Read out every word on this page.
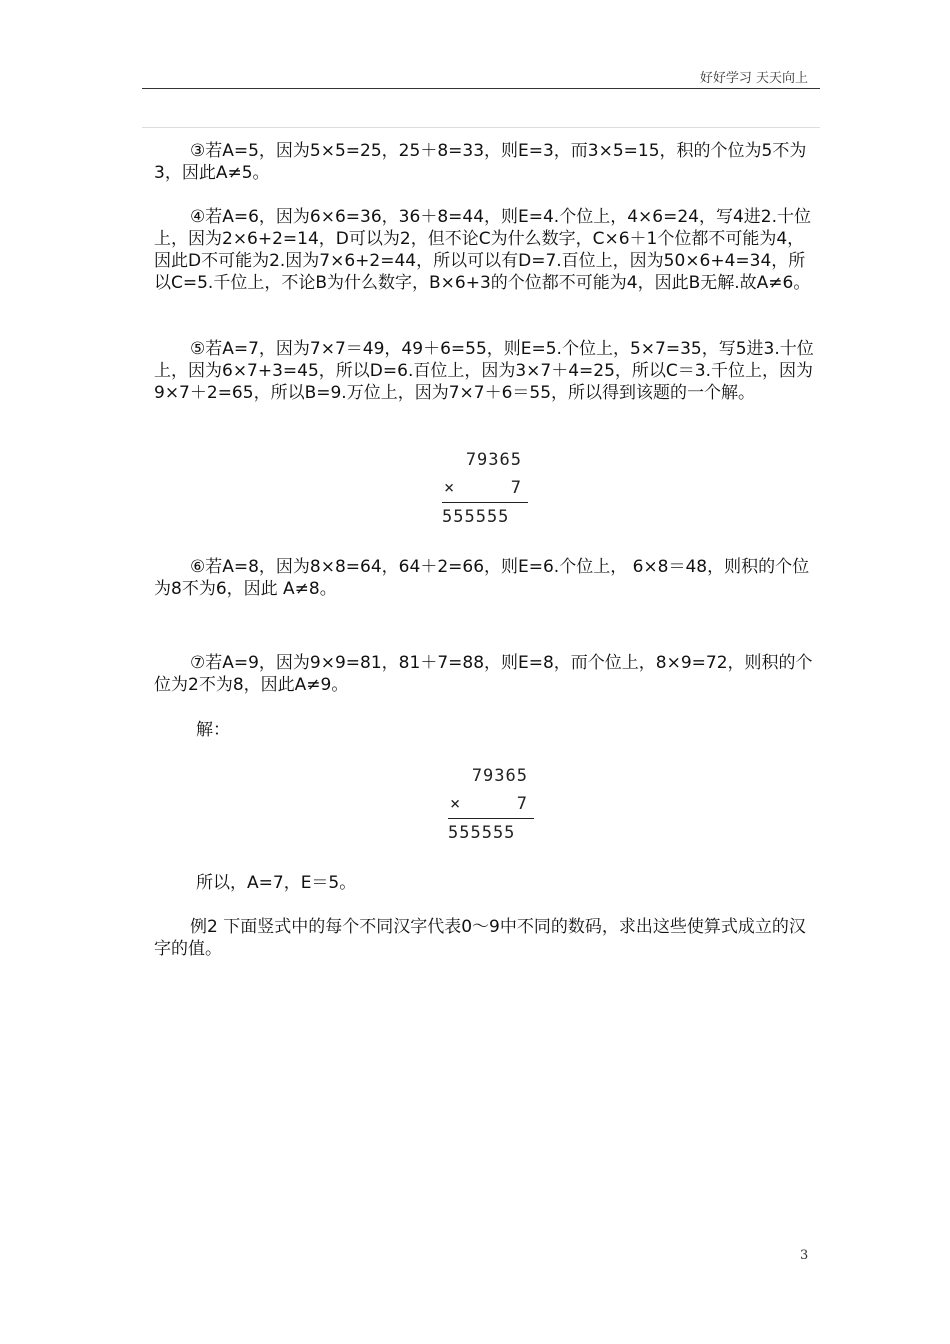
好好学习 天天向上

③若A=5，因为5×5=25，25＋8=33，则E=3，而3×5=15，积的个位为5不为3，因此A≠5。

④若A=6，因为6×6=36，36＋8=44，则E=4.个位上，4×6=24，写4进2.十位上，因为2×6+2=14，D可以为2，但不论C为什么数字，C×6＋1个位都不可能为4，因此D不可能为2.因为7×6+2=44，所以可以有D=7.百位上，因为50×6+4=34，所以C=5.千位上，不论B为什么数字，B×6+3的个位都不可能为4，因此B无解.故A≠6。

⑤若A=7，因为7×7＝49，49＋6=55，则E=5.个位上，5×7=35，写5进3.十位上，因为6×7+3=45，所以D=6.百位上，因为3×7＋4=25，所以C＝3.千位上，因为9×7＋2=65，所以B=9.万位上，因为7×7＋6＝55，所以得到该题的一个解。

79365
×	7
555555

⑥若A=8，因为8×8=64，64＋2=66，则E=6.个位上， 6×8＝48，则积的个位为8不为6，因此 A≠8。

⑦若A=9，因为9×9=81，81＋7=88，则E=8，而个位上，8×9=72，则积的个位为2不为8，因此A≠9。

解：

79365
×	7
555555

所以，A=7，E＝5。

例2 下面竖式中的每个不同汉字代表0～9中不同的数码，求出这些使算式成立的汉字的值。

3
